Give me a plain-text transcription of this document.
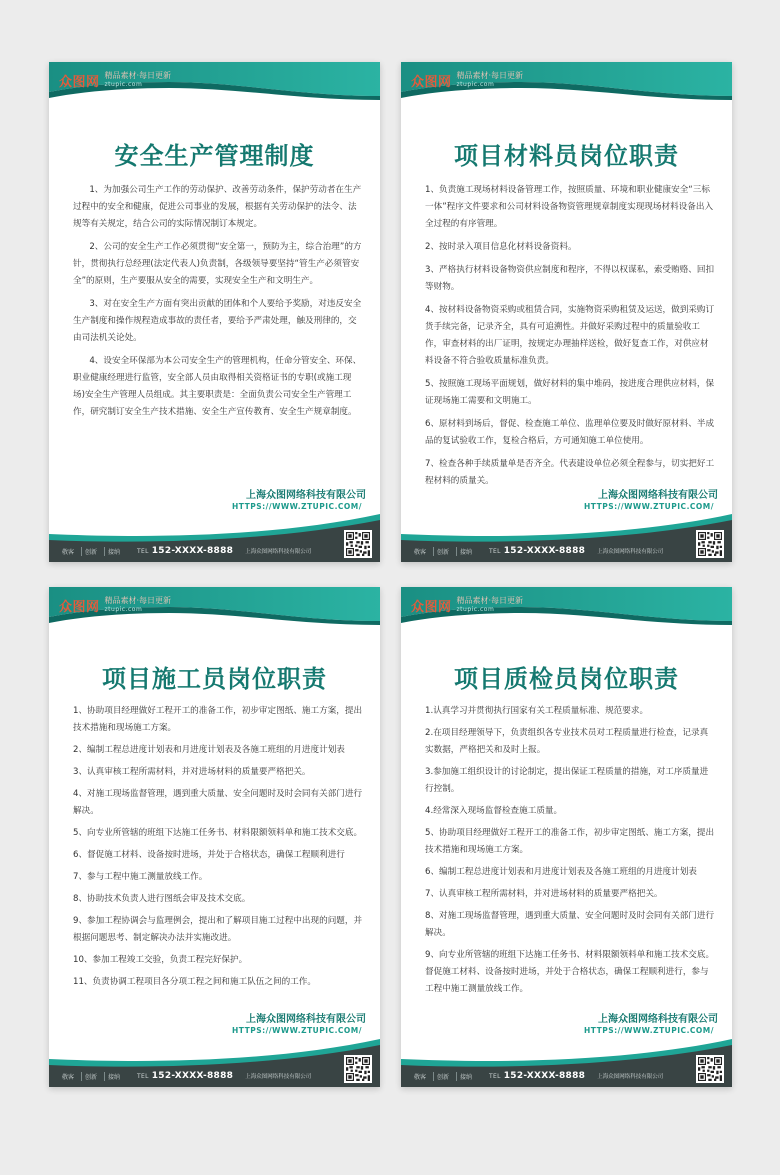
众图网 精品素材·每日更新
ztupic.com
安全生产管理制度

1、为加强公司生产工作的劳动保护、改善劳动条件，保护劳动者在生产过程中的安全和健康，促进公司事业的发展，根据有关劳动保护的法令、法规等有关规定，结合公司的实际情况制订本规定。

2、公司的安全生产工作必须贯彻“安全第一，预防为主，综合治理”的方针，贯彻执行总经理(法定代表人)负责制，各级领导要坚持“管生产必须管安全”的原则，生产要服从安全的需要，实现安全生产和文明生产。

3、对在安全生产方面有突出贡献的团体和个人要给予奖励，对违反安全生产制度和操作规程造成事故的责任者，要给予严肃处理，触及刑律的，交由司法机关论处。

4、设安全环保部为本公司安全生产的管理机构，任命分管安全、环保、职业健康经理进行监管，安全部人员由取得相关资格证书的专职(或施工现场)安全生产管理人员组成。其主要职责是：全面负责公司安全生产管理工作，研究制订安全生产技术措施、安全生产宣传教育、安全生产规章制度。

上海众图网络科技有限公司
HTTPS://WWW.ZTUPIC.COM/
敬客	创新	接纳	TEL 152-XXXX-8888 上海众图网络科技有限公司
众图网 精品素材·每日更新
ztupic.com
项目材料员岗位职责

1、负责施工现场材料设备管理工作，按照质量、环境和职业健康安全“三标一体”程序文件要求和公司材料设备物资管理规章制度实现现场材料设备出入全过程的有序管理。

2、按时录入项目信息化材料设备资料。

3、严格执行材料设备物资供应制度和程序，不得以权谋私，索受贿赂、回扣等财物。

4、按材料设备物资采购或租赁合同，实施物资采购租赁及运送，做到采购订货手续完备，记录齐全，具有可追溯性。并做好采购过程中的质量验收工作，审查材料的出厂证明，按规定办理抽样送检，做好复查工作，对供应材料设备不符合验收质量标准负责。

5、按照施工现场平面规划，做好材料的集中堆码，按进度合理供应材料，保证现场施工需要和文明施工。

6、原材料到场后，督促、检查施工单位、监理单位要及时做好原材料、半成品的复试验收工作，复检合格后，方可通知施工单位使用。

7、检查各种手续质量单是否齐全。代表建设单位必须全程参与，切实把好工程材料的质量关。

上海众图网络科技有限公司
HTTPS://WWW.ZTUPIC.COM/
敬客	创新	接纳	TEL 152-XXXX-8888 上海众图网络科技有限公司
众图网 精品素材·每日更新
ztupic.com
项目施工员岗位职责

1、协助项目经理做好工程开工的准备工作，初步审定图纸、施工方案，提出技术措施和现场施工方案。

2、编制工程总进度计划表和月进度计划表及各施工班组的月进度计划表

3、认真审核工程所需材料，并对进场材料的质量要严格把关。

4、对施工现场监督管理，遇到重大质量、安全问题时及时会同有关部门进行解决。

5、向专业所管辖的班组下达施工任务书、材料限额领料单和施工技术交底。

6、督促施工材料、设备按时进场，并处于合格状态，确保工程顺利进行

7、参与工程中施工测量放线工作。

8、协助技术负责人进行图纸会审及技术交底。

9、参加工程协调会与监理例会，提出和了解项目施工过程中出现的问题，并根据问题思考、制定解决办法并实施改进。

10、参加工程竣工交验，负责工程完好保护。

11、负责协调工程项目各分项工程之间和施工队伍之间的工作。

上海众图网络科技有限公司
HTTPS://WWW.ZTUPIC.COM/
敬客	创新	接纳	TEL 152-XXXX-8888 上海众图网络科技有限公司
众图网 精品素材·每日更新
ztupic.com
项目质检员岗位职责

1.认真学习并贯彻执行国家有关工程质量标准、规范要求。

2.在项目经理领导下，负责组织各专业技术员对工程质量进行检查，记录真实数据，严格把关和及时上报。

3.参加施工组织设计的讨论制定，提出保证工程质量的措施，对工序质量进行控制。

4.经常深入现场监督检查施工质量。

5、协助项目经理做好工程开工的准备工作，初步审定图纸、施工方案，提出技术措施和现场施工方案。

6、编制工程总进度计划表和月进度计划表及各施工班组的月进度计划表

7、认真审核工程所需材料，并对进场材料的质量要严格把关。

8、对施工现场监督管理，遇到重大质量、安全问题时及时会同有关部门进行解决。

9、向专业所管辖的班组下达施工任务书、材料限额领料单和施工技术交底。督促施工材料、设备按时进场，并处于合格状态，确保工程顺利进行，参与工程中施工测量放线工作。

上海众图网络科技有限公司
HTTPS://WWW.ZTUPIC.COM/
敬客	创新	接纳	TEL 152-XXXX-8888 上海众图网络科技有限公司
